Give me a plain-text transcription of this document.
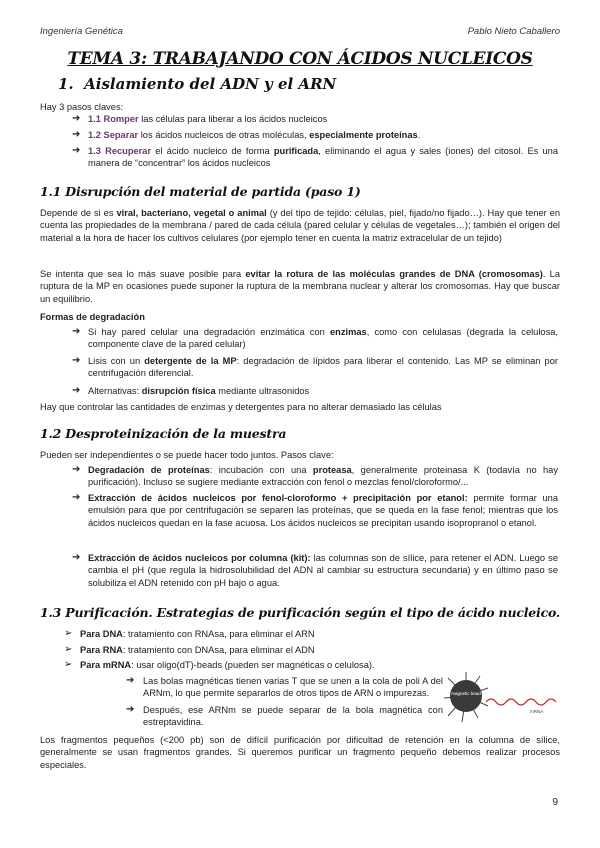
Ingeniería Genética	Pablo Nieto Caballero
TEMA 3: TRABAJANDO CON ÁCIDOS NUCLEICOS
1. Aislamiento del ADN y el ARN
Hay 3 pasos claves:
➔ 1.1 Romper las células para liberar a los ácidos nucleicos
➔ 1.2 Separar los ácidos nucleicos de otras moléculas, especialmente proteínas.
➔ 1.3 Recuperar el ácido nucleico de forma purificada, eliminando el agua y sales (iones) del citosol. Es una manera de “concentrar” los ácidos nucleicos
1.1 Disrupción del material de partida (paso 1)
Depende de si es viral, bacteriano, vegetal o animal (y del tipo de tejido: células, piel, fijado/no fijado…). Hay que tener en cuenta las propiedades de la membrana / pared de cada célula (pared celular y células de vegetales…); también el origen del material a la hora de hacer los cultivos celulares (por ejemplo tener en cuenta la matriz extracelular de un tejido)
Se intenta que sea lo más suave posible para evitar la rotura de las moléculas grandes de DNA (cromosomas). La ruptura de la MP en ocasiones puede suponer la ruptura de la membrana nuclear y alterar los cromosomas. Hay que buscar un equilibrio.
Formas de degradación
➔ Si hay pared celular una degradación enzimática con enzimas, como con celulasas (degrada la celulosa, componente clave de la pared celular)
➔ Lisis con un detergente de la MP: degradación de lípidos para liberar el contenido. Las MP se eliminan por centrifugación diferencial.
➔ Alternativas: disrupción física mediante ultrasonidos
Hay que controlar las cantidades de enzimas y detergentes para no alterar demasiado las células
1.2 Desproteinización de la muestra
Pueden ser independientes o se puede hacer todo juntos. Pasos clave:
➔ Degradación de proteínas: incubación con una proteasa, generalmente proteinasa K (todavía no hay purificación). Incluso se sugiere mediante extracción con fenol o mezclas fenol/cloroformo/...
➔ Extracción de ácidos nucleicos por fenol-cloroformo + precipitación por etanol: permite formar una emulsión para que por centrifugación se separen las proteínas, que se queda en la fase fenol; mientras que los ácidos nucleicos quedan en la fase acuosa. Los ácidos nucleicos se precipitan usando isopropranol o etanol.
➔ Extracción de ácidos nucleicos por columna (kit): las columnas son de sílice, para retener el ADN. Luego se cambia el pH (que regula la hidrosolubilidad del ADN al cambiar su estructura secundaria) y en último paso se solubiliza el ADN retenido con pH bajo o agua.
1.3 Purificación. Estrategias de purificación según el tipo de ácido nucleico.
➢ Para DNA: tratamiento con RNAsa, para eliminar el ARN
➢ Para RNA: tratamiento con DNAsa, para eliminar el ADN
➢ Para mRNA: usar oligo(dT)-beads (pueden ser magnéticas o celulosa).
➔ Las bolas magnéticas tienen varias T que se unen a la cola de poli A del ARNm, lo que permite separarlos de otros tipos de ARN o impurezas.
➔ Después, ese ARNm se puede separar de la bola magnética con estreptavidina.
magnetic bead
mRNA
Los fragmentos pequeños (<200 pb) son de difícil purificación por dificultad de retención en la columna de sílice, generalmente se usan fragmentos grandes. Si queremos purificar un fragmento pequeño debemos realizar procesos especiales.
9
